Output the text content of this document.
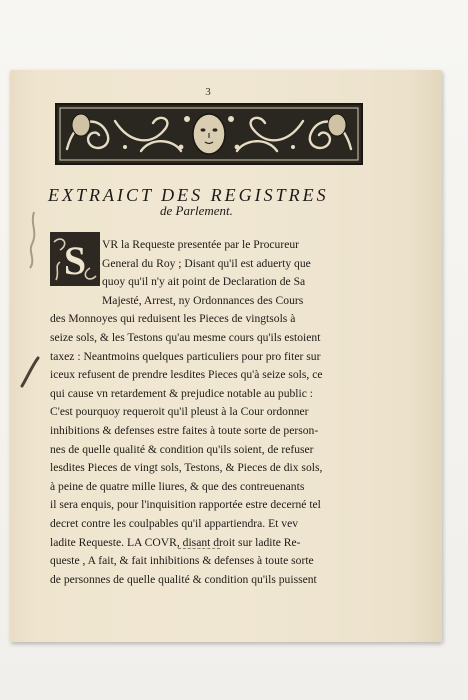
3
EXTRAICT DES REGISTRES
de Parlement.
S	VR la Requeste presentée par le Procureur
General du Roy ; Disant qu'il est aduerty que
quoy qu'il n'y ait point de Declaration de Sa
Majesté, Arrest, ny Ordonnances des Cours
des Monnoyes qui reduisent les Pieces de vingtsols à
seize sols, & les Testons qu'au mesme cours qu'ils estoient
taxez : Neantmoins quelques particuliers pour pro fiter sur
iceux refusent de prendre lesdites Pieces qu'à seize sols, ce
qui cause vn retardement & prejudice notable au public :
C'est pourquoy requeroit qu'il pleust à la Cour ordonner
inhibitions & defenses estre faites à toute sorte de person-
nes de quelle qualité & condition qu'ils soient, de refuser
lesdites Pieces de vingt sols, Testons, & Pieces de dix sols,
à peine de quatre mille liures, & que des contreuenants
il sera enquis, pour l'inquisition rapportée estre decerné tel
decret contre les coulpables qu'il appartiendra. Et vev
ladite Requeste. LA COVR, disant droit sur ladite Re-
queste , A fait, & fait inhibitions & defenses à toute sorte
de personnes de quelle qualité & condition qu'ils puissent
